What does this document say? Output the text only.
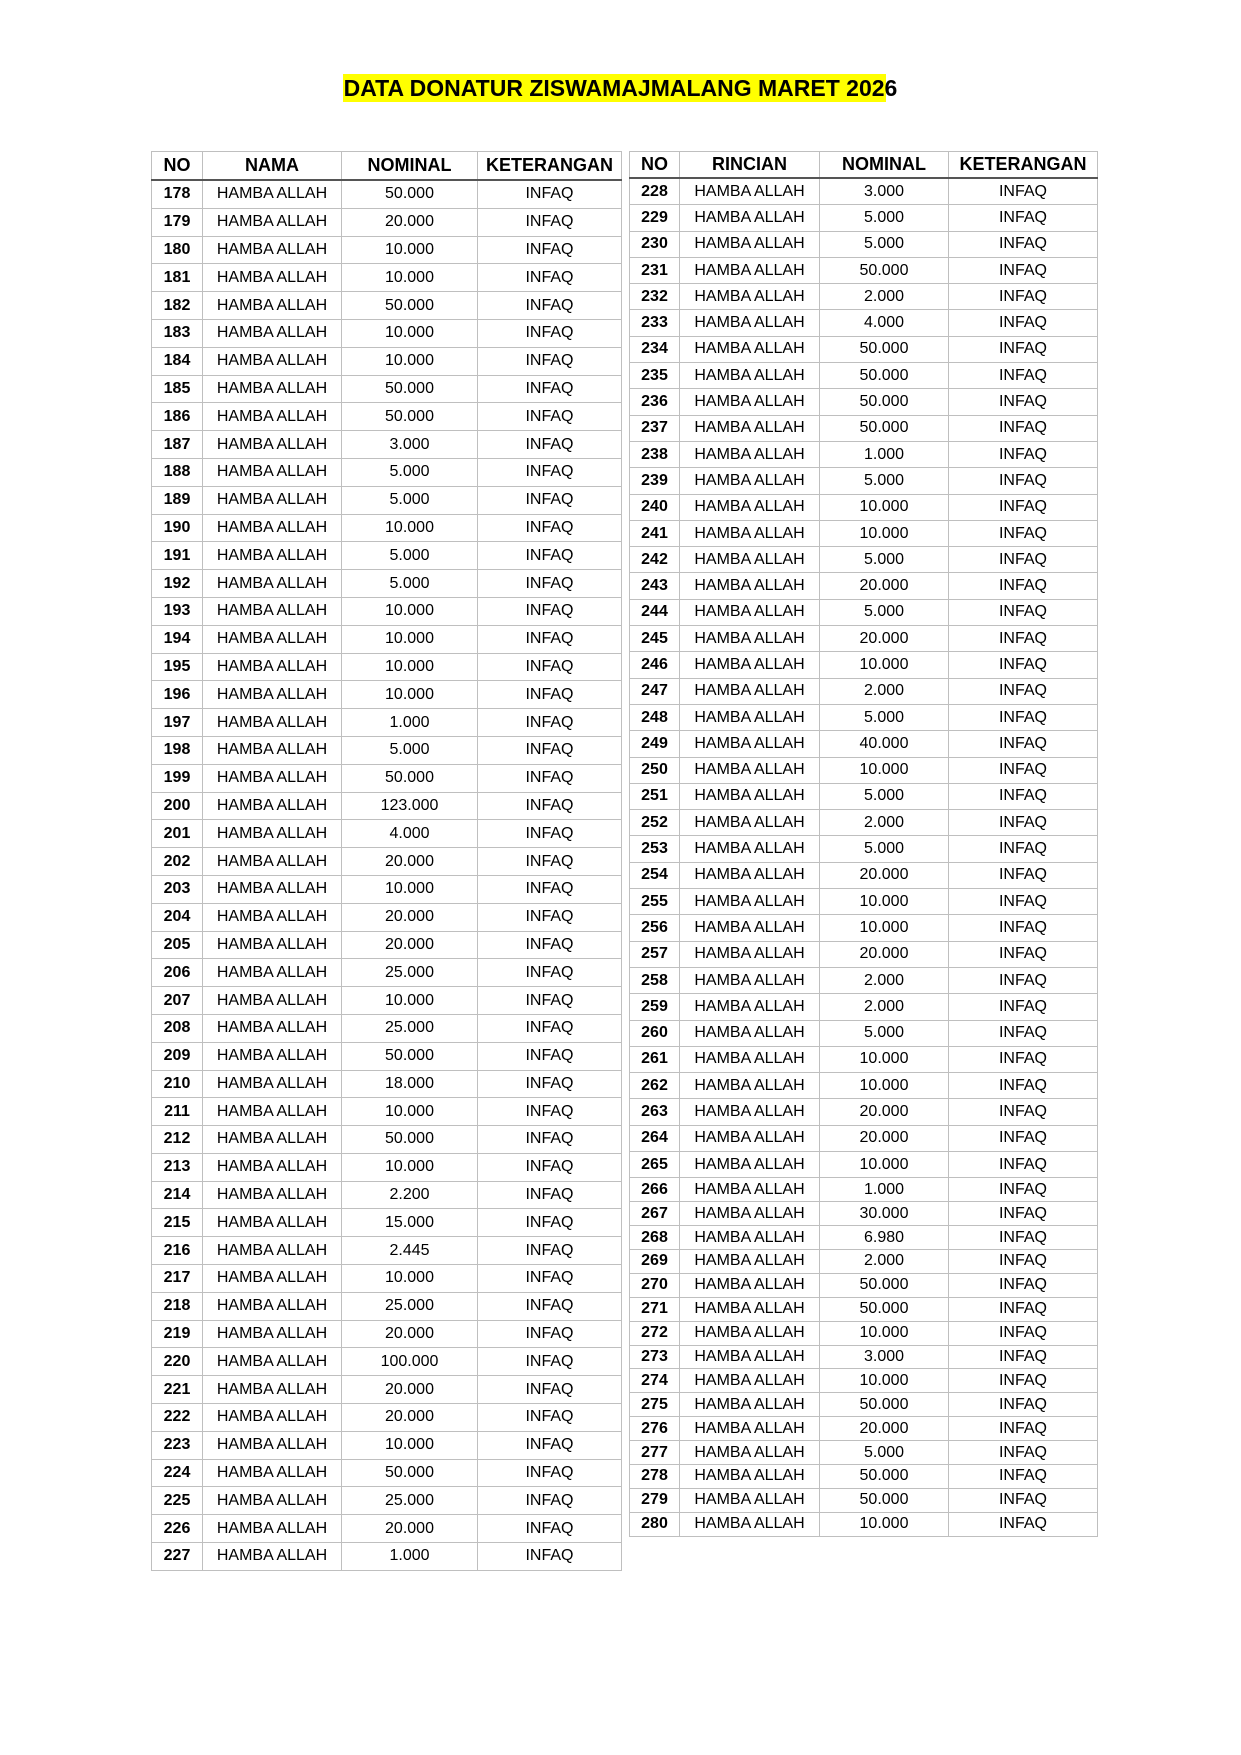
DATA DONATUR ZISWAMAJMALANG MARET 2026
NO	NAMA	NOMINAL	KETERANGAN
178	HAMBA ALLAH	50.000	INFAQ
179	HAMBA ALLAH	20.000	INFAQ
180	HAMBA ALLAH	10.000	INFAQ
181	HAMBA ALLAH	10.000	INFAQ
182	HAMBA ALLAH	50.000	INFAQ
183	HAMBA ALLAH	10.000	INFAQ
184	HAMBA ALLAH	10.000	INFAQ
185	HAMBA ALLAH	50.000	INFAQ
186	HAMBA ALLAH	50.000	INFAQ
187	HAMBA ALLAH	3.000	INFAQ
188	HAMBA ALLAH	5.000	INFAQ
189	HAMBA ALLAH	5.000	INFAQ
190	HAMBA ALLAH	10.000	INFAQ
191	HAMBA ALLAH	5.000	INFAQ
192	HAMBA ALLAH	5.000	INFAQ
193	HAMBA ALLAH	10.000	INFAQ
194	HAMBA ALLAH	10.000	INFAQ
195	HAMBA ALLAH	10.000	INFAQ
196	HAMBA ALLAH	10.000	INFAQ
197	HAMBA ALLAH	1.000	INFAQ
198	HAMBA ALLAH	5.000	INFAQ
199	HAMBA ALLAH	50.000	INFAQ
200	HAMBA ALLAH	123.000	INFAQ
201	HAMBA ALLAH	4.000	INFAQ
202	HAMBA ALLAH	20.000	INFAQ
203	HAMBA ALLAH	10.000	INFAQ
204	HAMBA ALLAH	20.000	INFAQ
205	HAMBA ALLAH	20.000	INFAQ
206	HAMBA ALLAH	25.000	INFAQ
207	HAMBA ALLAH	10.000	INFAQ
208	HAMBA ALLAH	25.000	INFAQ
209	HAMBA ALLAH	50.000	INFAQ
210	HAMBA ALLAH	18.000	INFAQ
211	HAMBA ALLAH	10.000	INFAQ
212	HAMBA ALLAH	50.000	INFAQ
213	HAMBA ALLAH	10.000	INFAQ
214	HAMBA ALLAH	2.200	INFAQ
215	HAMBA ALLAH	15.000	INFAQ
216	HAMBA ALLAH	2.445	INFAQ
217	HAMBA ALLAH	10.000	INFAQ
218	HAMBA ALLAH	25.000	INFAQ
219	HAMBA ALLAH	20.000	INFAQ
220	HAMBA ALLAH	100.000	INFAQ
221	HAMBA ALLAH	20.000	INFAQ
222	HAMBA ALLAH	20.000	INFAQ
223	HAMBA ALLAH	10.000	INFAQ
224	HAMBA ALLAH	50.000	INFAQ
225	HAMBA ALLAH	25.000	INFAQ
226	HAMBA ALLAH	20.000	INFAQ
227	HAMBA ALLAH	1.000	INFAQ
NO	RINCIAN	NOMINAL	KETERANGAN
228	HAMBA ALLAH	3.000	INFAQ
229	HAMBA ALLAH	5.000	INFAQ
230	HAMBA ALLAH	5.000	INFAQ
231	HAMBA ALLAH	50.000	INFAQ
232	HAMBA ALLAH	2.000	INFAQ
233	HAMBA ALLAH	4.000	INFAQ
234	HAMBA ALLAH	50.000	INFAQ
235	HAMBA ALLAH	50.000	INFAQ
236	HAMBA ALLAH	50.000	INFAQ
237	HAMBA ALLAH	50.000	INFAQ
238	HAMBA ALLAH	1.000	INFAQ
239	HAMBA ALLAH	5.000	INFAQ
240	HAMBA ALLAH	10.000	INFAQ
241	HAMBA ALLAH	10.000	INFAQ
242	HAMBA ALLAH	5.000	INFAQ
243	HAMBA ALLAH	20.000	INFAQ
244	HAMBA ALLAH	5.000	INFAQ
245	HAMBA ALLAH	20.000	INFAQ
246	HAMBA ALLAH	10.000	INFAQ
247	HAMBA ALLAH	2.000	INFAQ
248	HAMBA ALLAH	5.000	INFAQ
249	HAMBA ALLAH	40.000	INFAQ
250	HAMBA ALLAH	10.000	INFAQ
251	HAMBA ALLAH	5.000	INFAQ
252	HAMBA ALLAH	2.000	INFAQ
253	HAMBA ALLAH	5.000	INFAQ
254	HAMBA ALLAH	20.000	INFAQ
255	HAMBA ALLAH	10.000	INFAQ
256	HAMBA ALLAH	10.000	INFAQ
257	HAMBA ALLAH	20.000	INFAQ
258	HAMBA ALLAH	2.000	INFAQ
259	HAMBA ALLAH	2.000	INFAQ
260	HAMBA ALLAH	5.000	INFAQ
261	HAMBA ALLAH	10.000	INFAQ
262	HAMBA ALLAH	10.000	INFAQ
263	HAMBA ALLAH	20.000	INFAQ
264	HAMBA ALLAH	20.000	INFAQ
265	HAMBA ALLAH	10.000	INFAQ
266	HAMBA ALLAH	1.000	INFAQ
267	HAMBA ALLAH	30.000	INFAQ
268	HAMBA ALLAH	6.980	INFAQ
269	HAMBA ALLAH	2.000	INFAQ
270	HAMBA ALLAH	50.000	INFAQ
271	HAMBA ALLAH	50.000	INFAQ
272	HAMBA ALLAH	10.000	INFAQ
273	HAMBA ALLAH	3.000	INFAQ
274	HAMBA ALLAH	10.000	INFAQ
275	HAMBA ALLAH	50.000	INFAQ
276	HAMBA ALLAH	20.000	INFAQ
277	HAMBA ALLAH	5.000	INFAQ
278	HAMBA ALLAH	50.000	INFAQ
279	HAMBA ALLAH	50.000	INFAQ
280	HAMBA ALLAH	10.000	INFAQ
